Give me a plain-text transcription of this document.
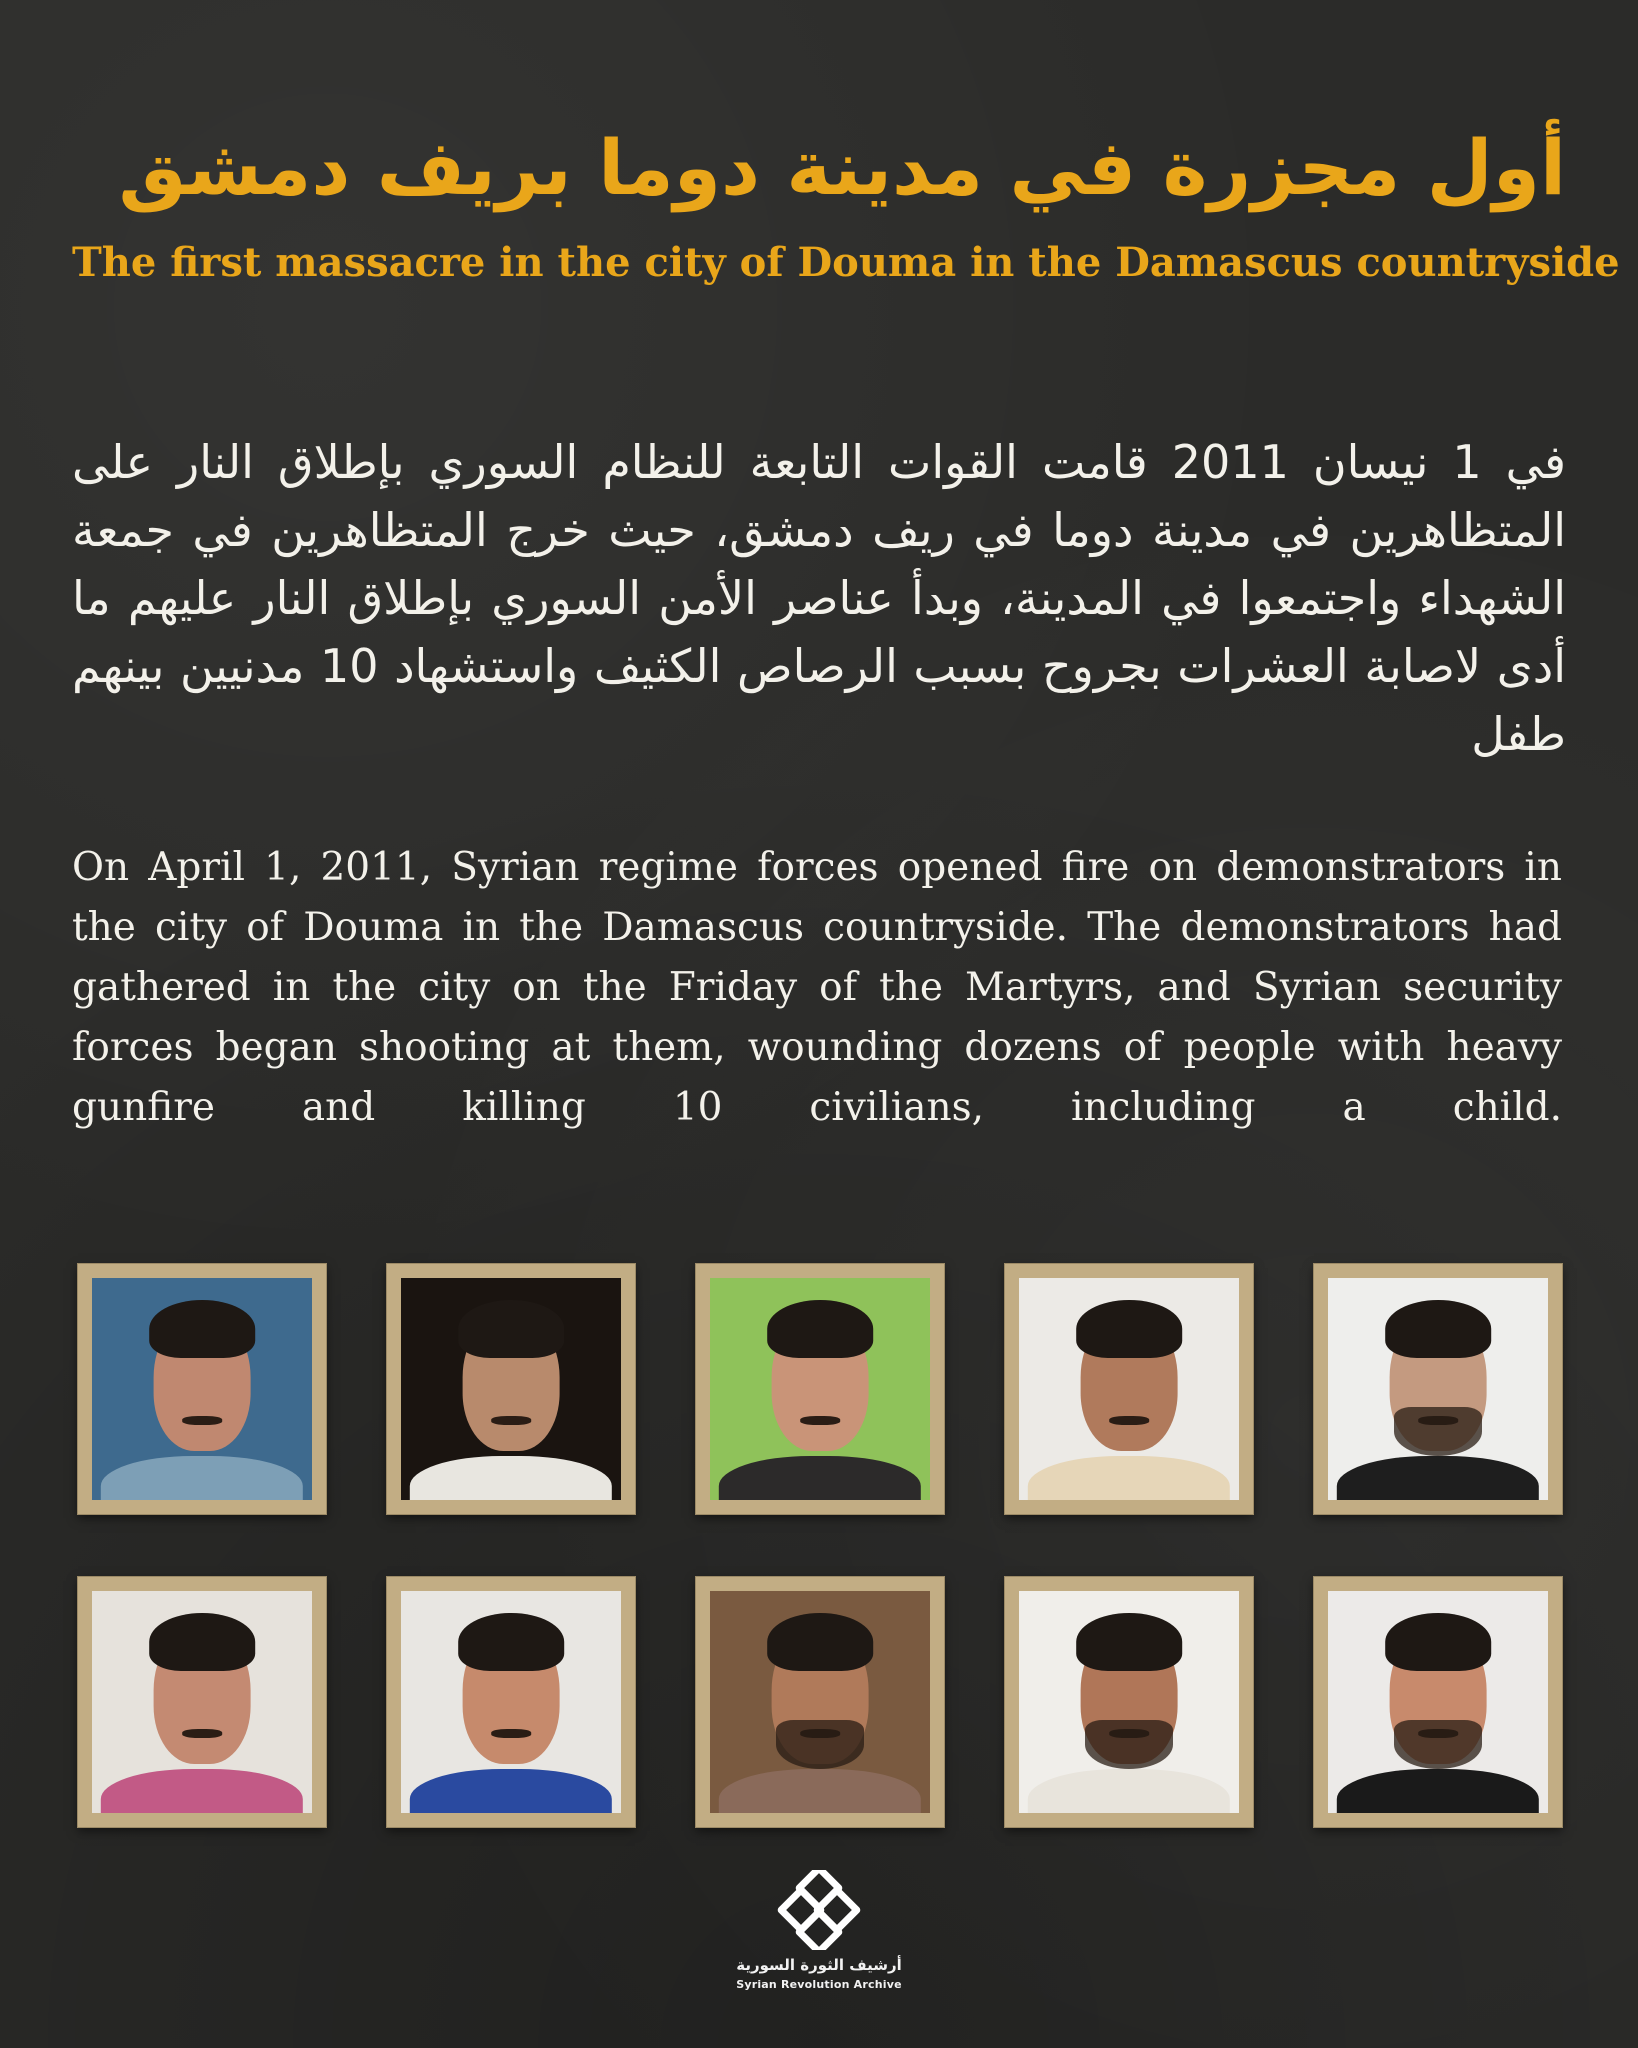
أول مجزرة في مدينة دوما بريف دمشق
The first massacre in the city of Douma in the Damascus countryside

في 1 نيسان 2011 قامت القوات التابعة للنظام السوري بإطلاق النار على المتظاهرين في مدينة دوما في ريف دمشق، حيث خرج المتظاهرين في جمعة الشهداء واجتمعوا في المدينة، وبدأ عناصر الأمن السوري بإطلاق النار عليهم ما أدى لاصابة العشرات بجروح بسبب الرصاص الكثيف واستشهاد 10 مدنيين بينهم طفل

On April 1, 2011, Syrian regime forces opened fire on demonstrators in the city of Douma in the Damascus countryside. The demonstrators had gathered in the city on the Friday of the Martyrs, and Syrian security forces began shooting at them, wounding dozens of people with heavy gunfire and killing 10 civilians, including a child.

أرشيف الثورة السورية

Syrian Revolution Archive
